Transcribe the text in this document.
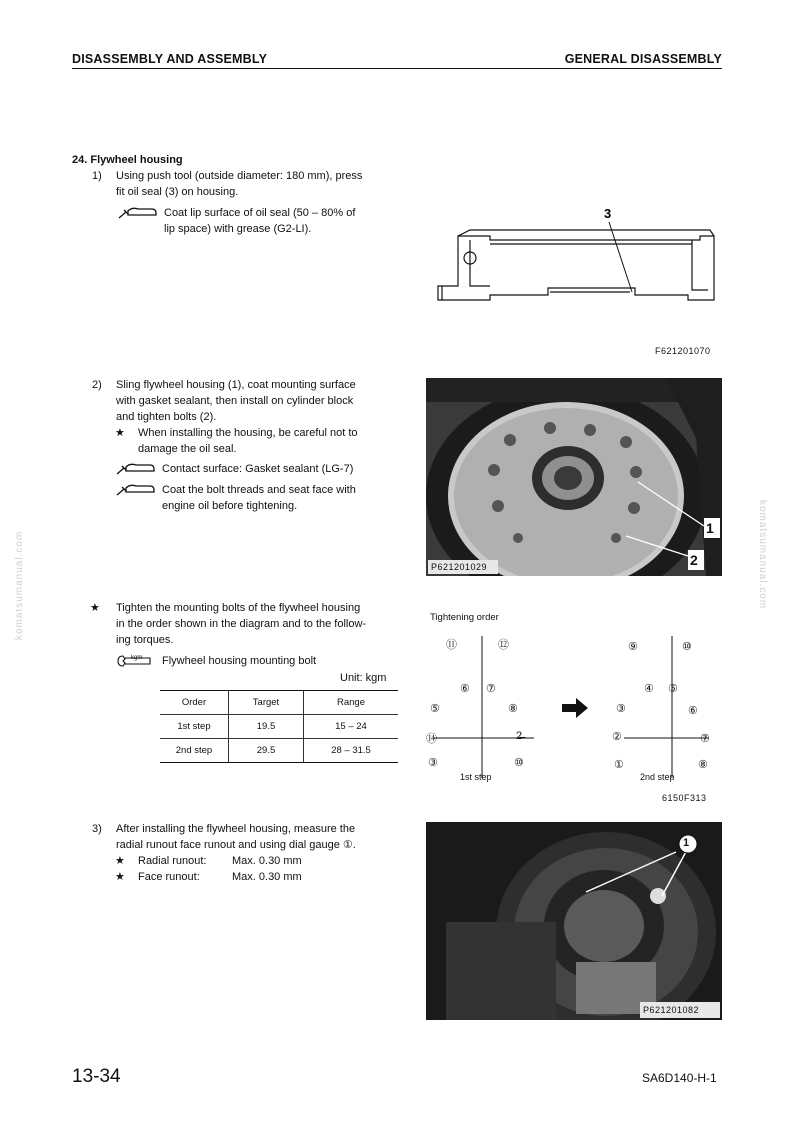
DISASSEMBLY AND ASSEMBLY	GENERAL DISASSEMBLY
komatsumanual.com	komatsumanual.com
24. Flywheel housing
1) Using push tool (outside diameter: 180 mm), press
fit oil seal (3) on housing.
Coat lip surface of oil seal (50 – 80% of
lip space) with grease (G2-LI).
3
F621201070
2) Sling flywheel housing (1), coat mounting surface
with gasket sealant, then install on cylinder block
and tighten bolts (2).
★ When installing the housing, be careful not to
damage the oil seal.
Contact surface: Gasket sealant (LG-7)
Coat the bolt threads and seat face with
engine oil before tightening.
P621201029
1
2
★ Tighten the mounting bolts of the flywheel housing
in the order shown in the diagram and to the follow-
ing torques.
kgm Flywheel housing mounting bolt
Unit: kgm
Order	Target	Range
1st step	19.5	15 – 24
2nd step	29.5	28 – 31.5
Tightening order
⑪	⑫
⑥ ⑦
⑤	⑧
⑭	2̶
③	⑩
1st step
⑨	⑩
④ ⑤
③	⑥
②	⑦
①	⑧
2nd step
6150F313
3) After installing the flywheel housing, measure the
radial runout face runout and using dial gauge ①.
★ Radial runout: Max. 0.30 mm
★ Face runout:	Max. 0.30 mm
1
P621201082
13-34	SA6D140-H-1
